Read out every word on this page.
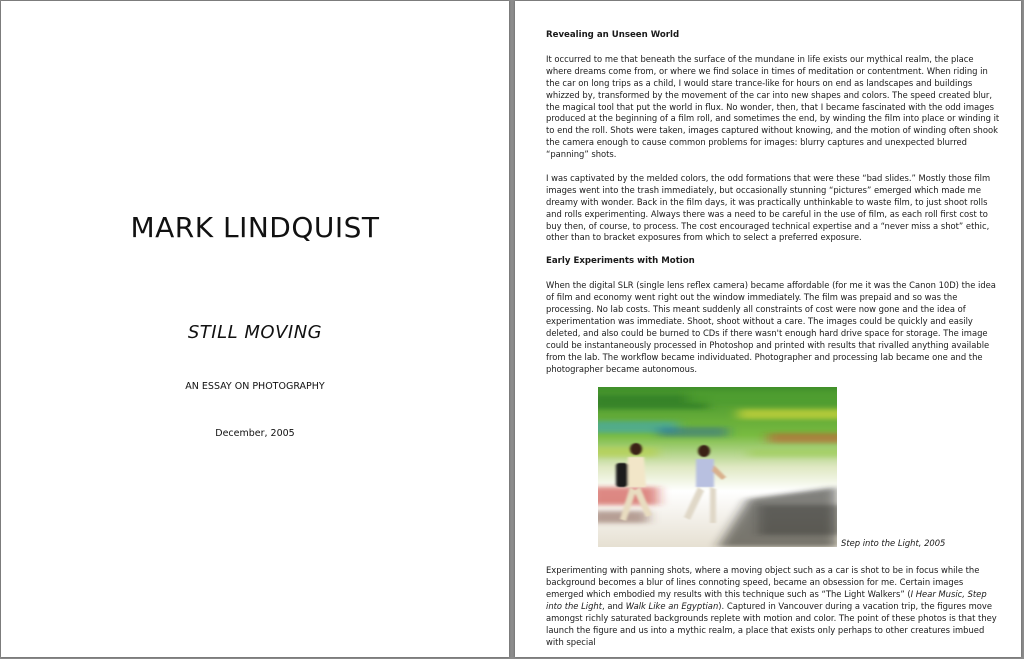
MARK LINDQUIST
STILL MOVING
AN ESSAY ON PHOTOGRAPHY
December, 2005
Revealing an Unseen World

It occurred to me that beneath the surface of the mundane in life exists our mythical realm, the place where dreams come from, or where we find solace in times of meditation or contentment. When riding in the car on long trips as a child, I would stare trance-like for hours on end as landscapes and buildings whizzed by, transformed by the movement of the car into new shapes and colors. The speed created blur, the magical tool that put the world in flux. No wonder, then, that I became fascinated with the odd images produced at the beginning of a film roll, and sometimes the end, by winding the film into place or winding it to end the roll. Shots were taken, images captured without knowing, and the motion of winding often shook the camera enough to cause common problems for images: blurry captures and unexpected blurred “panning” shots.

I was captivated by the melded colors, the odd formations that were these “bad slides.” Mostly those film images went into the trash immediately, but occasionally stunning “pictures” emerged which made me dreamy with wonder. Back in the film days, it was practically unthinkable to waste film, to just shoot rolls and rolls experimenting. Always there was a need to be careful in the use of film, as each roll first cost to buy then, of course, to process. The cost encouraged technical expertise and a “never miss a shot” ethic, other than to bracket exposures from which to select a preferred exposure.

Early Experiments with Motion

When the digital SLR (single lens reflex camera) became affordable (for me it was the Canon 10D) the idea of film and economy went right out the window immediately. The film was prepaid and so was the processing. No lab costs. This meant suddenly all constraints of cost were now gone and the idea of experimentation was immediate. Shoot, shoot without a care. The images could be quickly and easily deleted, and also could be burned to CDs if there wasn't enough hard drive space for storage. The image could be instantaneously processed in Photoshop and printed with results that rivalled anything available from the lab. The workflow became individuated. Photographer and processing lab became one and the photographer became autonomous.

Step into the Light, 2005

Experimenting with panning shots, where a moving object such as a car is shot to be in focus while the background becomes a blur of lines connoting speed, became an obsession for me. Certain images emerged which embodied my results with this technique such as “The Light Walkers” (I Hear Music, Step into the Light, and Walk Like an Egyptian). Captured in Vancouver during a vacation trip, the figures move amongst richly saturated backgrounds replete with motion and color. The point of these photos is that they launch the figure and us into a mythic realm, a place that exists only perhaps to other creatures imbued with special
